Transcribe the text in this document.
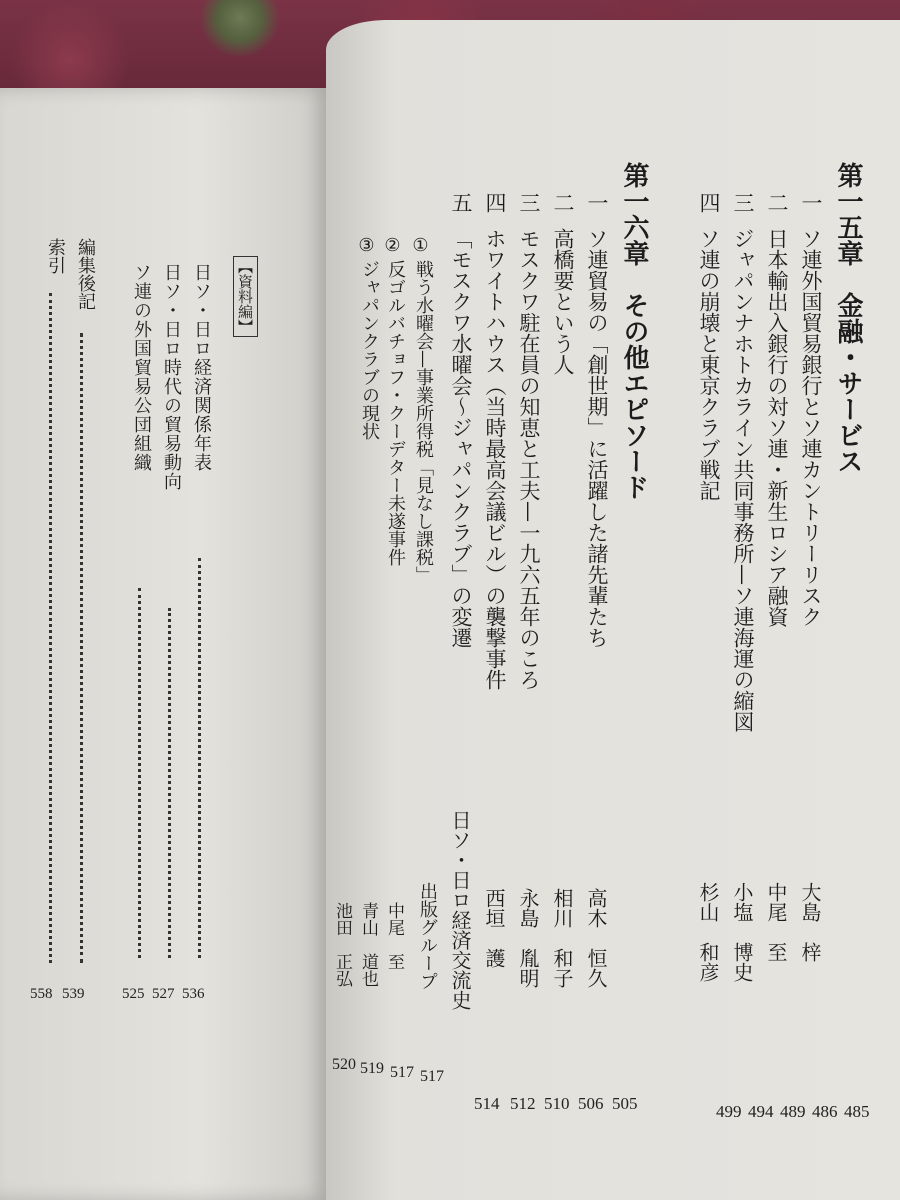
【資料編】
日ソ・日ロ経済関係年表
日ソ・日ロ時代の貿易動向
ソ連の外国貿易公団組織
編集後記
索引
536
527
525
539
558
第一五章　金融・サービス
一
ソ連外国貿易銀行とソ連カントリーリスク
大島　梓
二
日本輸出入銀行の対ソ連・新生ロシア融資
中尾　至
三
ジャパンナホトカライン共同事務所—ソ連海運の縮図
小塩　博史
四
ソ連の崩壊と東京クラブ戦記
杉山　和彦
第一六章　その他エピソード
一
ソ連貿易の「創世期」に活躍した諸先輩たち
高木　恒久
二
高橋要という人
相川　和子
三
モスクワ駐在員の知恵と工夫—一九六五年のころ
永島　胤明
四
ホワイトハウス（当時最高会議ビル）の襲撃事件
西垣　護
五
「モスクワ水曜会〜ジャパンクラブ」の変遷
日ソ・日ロ経済交流史
出版グループ
①
戦う水曜会—事業所得税「見なし課税」
②
反ゴルバチョフ・クーデター未遂事件
中尾　至
③
ジャパンクラブの現状
青山　道也
池田　正弘
485
486
489
494
499
505
506
510
512
514
517
517
519
520
